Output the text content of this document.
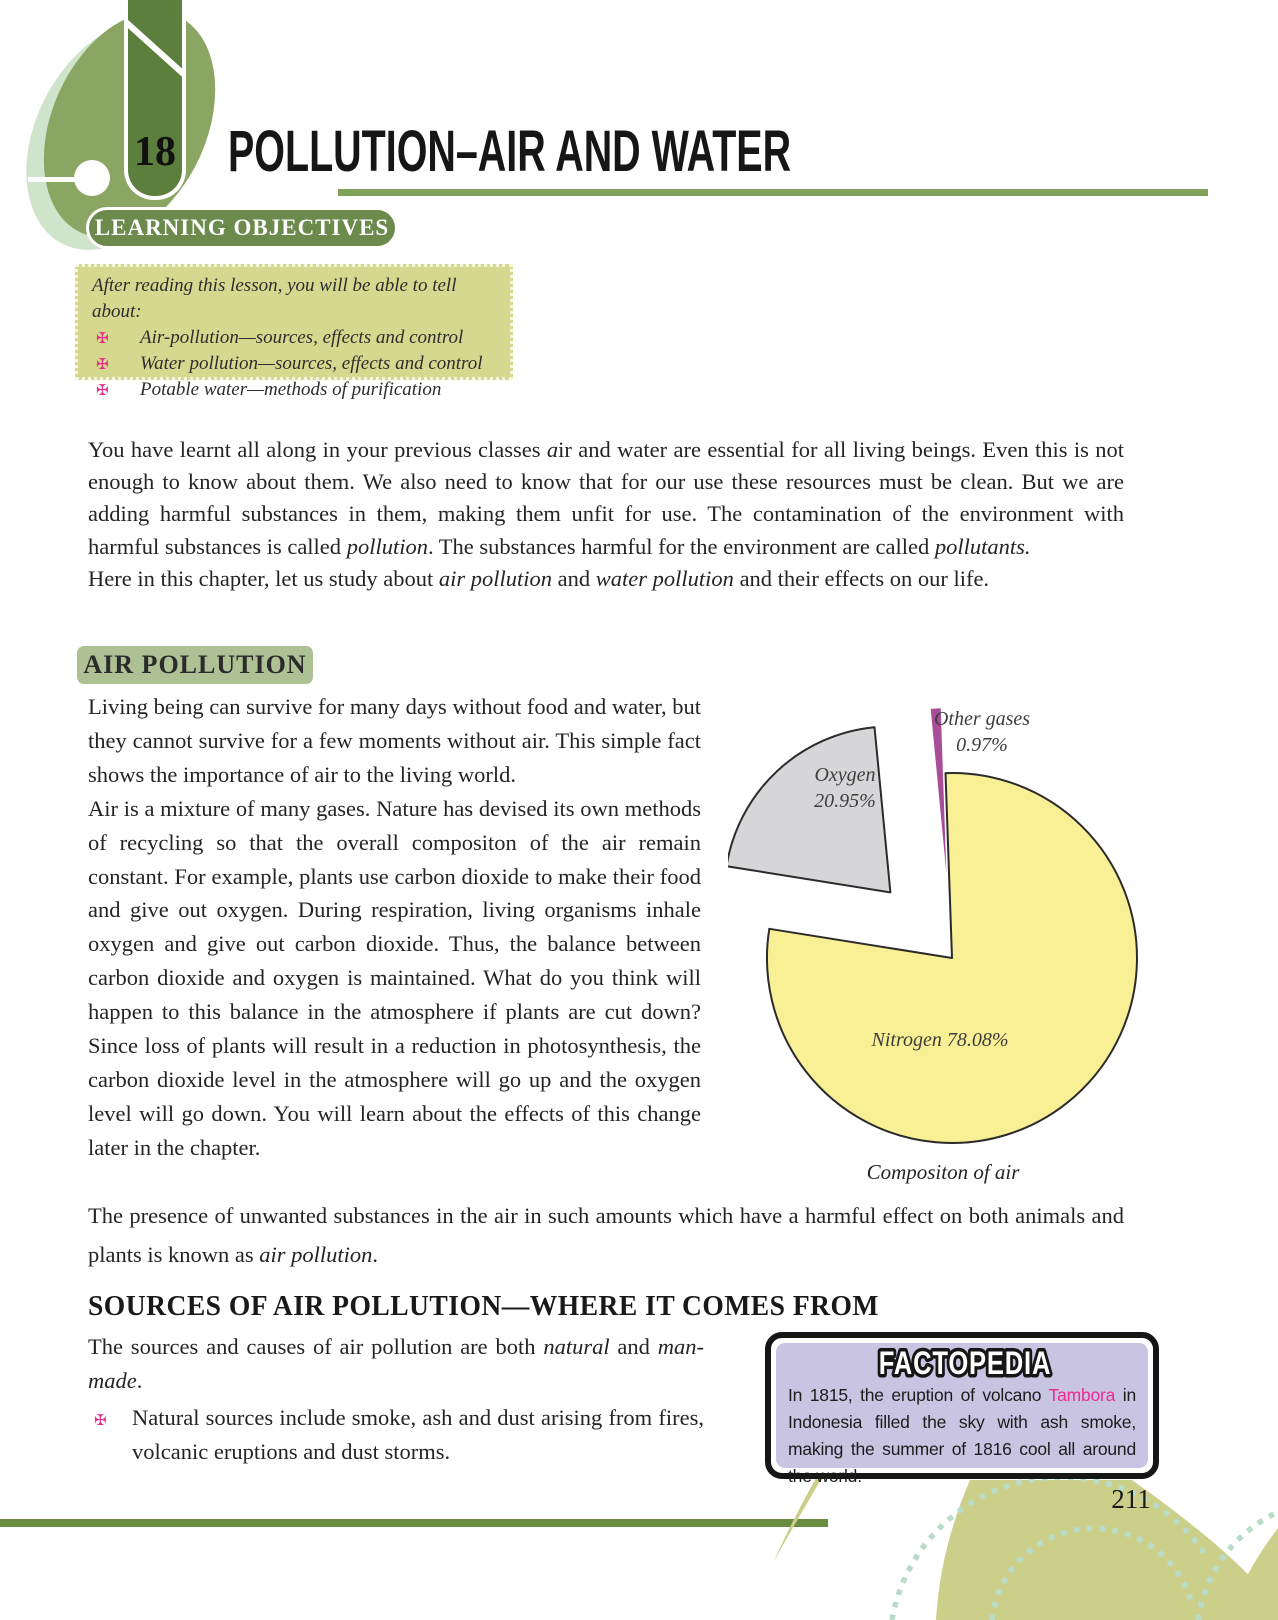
18 POLLUTION–AIR AND WATER
LEARNING OBJECTIVES
After reading this lesson, you will be able to tell about:
✠	Air-pollution—sources, effects and control
✠	Water pollution—sources, effects and control
✠	Potable water—methods of purification

You have learnt all along in your previous classes air and water are essential for all living beings. Even this is not enough to know about them. We also need to know that for our use these resources must be clean. But we are adding harmful substances in them, making them unfit for use. The contamination of the environment with harmful substances is called pollution. The substances harmful for the environment are called pollutants.

Here in this chapter, let us study about air pollution and water pollution and their effects on our life.

AIR POLLUTION

Living being can survive for many days without food and water, but they cannot survive for a few moments without air. This simple fact shows the importance of air to the living world.

Air is a mixture of many gases. Nature has devised its own methods of recycling so that the overall compositon of the air remain constant. For example, plants use carbon dioxide to make their food and give out oxygen. During respiration, living organisms inhale oxygen and give out carbon dioxide. Thus, the balance between carbon dioxide and oxygen is maintained. What do you think will happen to this balance in the atmosphere if plants are cut down? Since loss of plants will result in a reduction in photosynthesis, the carbon dioxide level in the atmosphere will go up and the oxygen level will go down. You will learn about the effects of this change later in the chapter.

Nitrogen 78.08%
Oxygen 20.95%
Other gases 0.97%
Compositon of air
The presence of unwanted substances in the air in such amounts which have a harmful effect on both animals and plants is known as air pollution.
SOURCES OF AIR POLLUTION—WHERE IT COMES FROM

The sources and causes of air pollution are both natural and man-made.

✠	Natural sources include smoke, ash and dust arising from fires, volcanic eruptions and dust storms.
FACTOPEDIA
In 1815, the eruption of volcano Tambora in Indonesia filled the sky with ash smoke, making the summer of 1816 cool all around the world.
211
